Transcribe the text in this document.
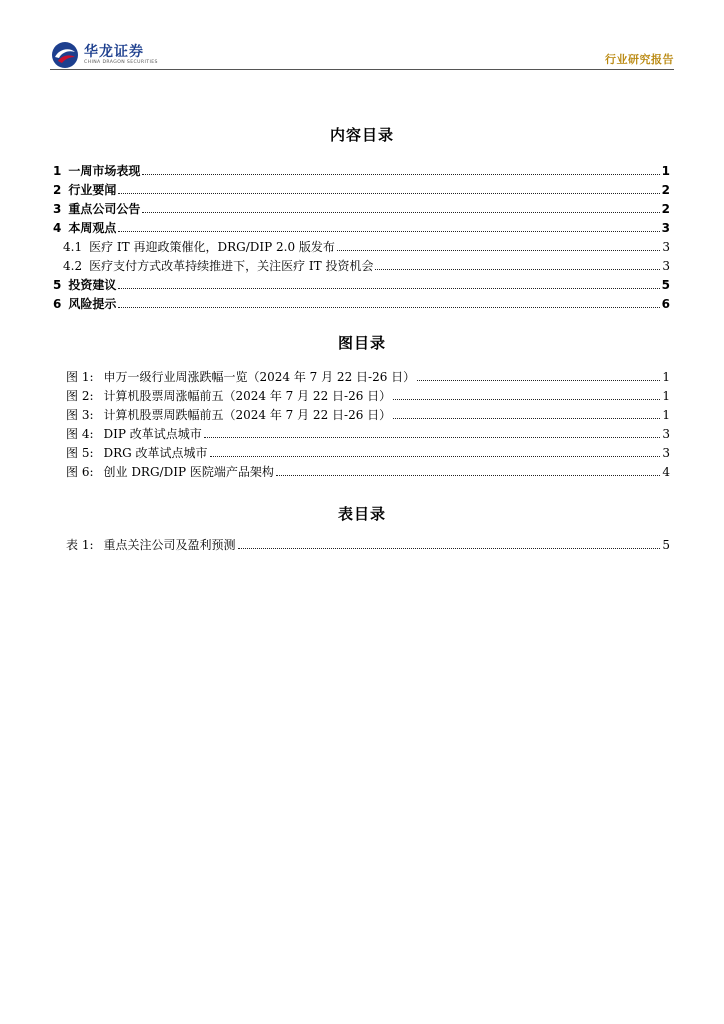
华龙证券
CHINA DRAGON SECURITIES	行业研究报告
内容目录
1 一周市场表现	1
2 行业要闻	2
3 重点公司公告	2
4 本周观点	3
4.1 医疗 IT 再迎政策催化，DRG/DIP 2.0 版发布	3
4.2 医疗支付方式改革持续推进下，关注医疗 IT 投资机会	3
5 投资建议	5
6 风险提示	6
图目录
图 1: 申万一级行业周涨跌幅一览（2024 年 7 月 22 日-26 日）	1
图 2: 计算机股票周涨幅前五（2024 年 7 月 22 日-26 日）	1
图 3: 计算机股票周跌幅前五（2024 年 7 月 22 日-26 日）	1
图 4: DIP 改革试点城市	3
图 5: DRG 改革试点城市	3
图 6: 创业 DRG/DIP 医院端产品架构	4
表目录
表 1: 重点关注公司及盈利预测	5
